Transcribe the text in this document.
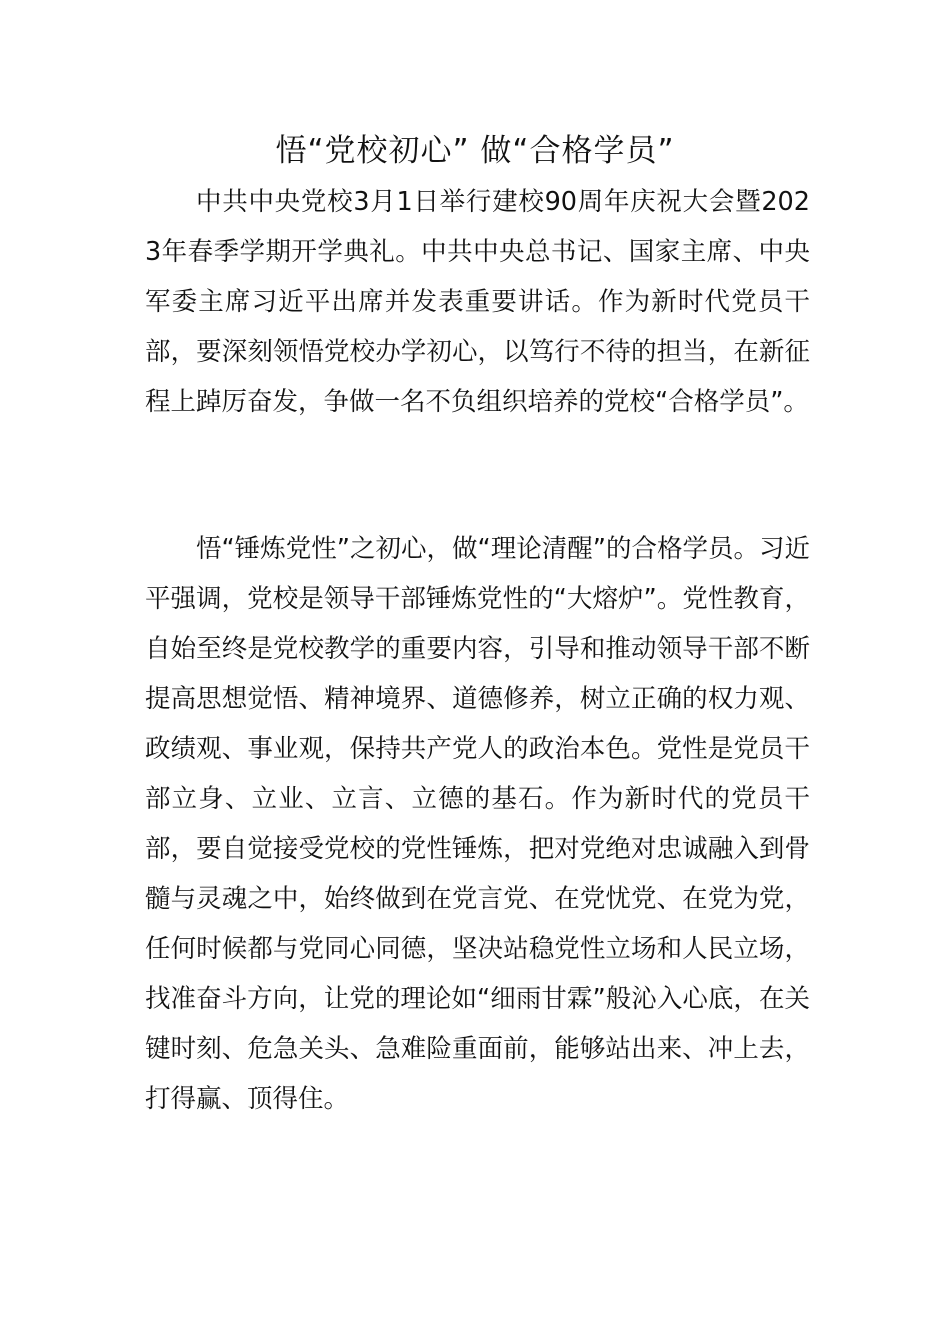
悟“党校初心” 做“合格学员”

中共中央党校3月1日举行建校90周年庆祝大会暨2023年春季学期开学典礼。中共中央总书记、国家主席、中央军委主席习近平出席并发表重要讲话。作为新时代党员干部，要深刻领悟党校办学初心，以笃行不待的担当，在新征程上踔厉奋发，争做一名不负组织培养的党校“合格学员”。

悟“锤炼党性”之初心，做“理论清醒”的合格学员。习近平强调，党校是领导干部锤炼党性的“大熔炉”。党性教育，自始至终是党校教学的重要内容，引导和推动领导干部不断提高思想觉悟、精神境界、道德修养，树立正确的权力观、政绩观、事业观，保持共产党人的政治本色。党性是党员干部立身、立业、立言、立德的基石。作为新时代的党员干部，要自觉接受党校的党性锤炼，把对党绝对忠诚融入到骨髓与灵魂之中，始终做到在党言党、在党忧党、在党为党，任何时候都与党同心同德，坚决站稳党性立场和人民立场，找准奋斗方向，让党的理论如“细雨甘霖”般沁入心底，在关键时刻、危急关头、急难险重面前，能够站出来、冲上去，打得赢、顶得住。
